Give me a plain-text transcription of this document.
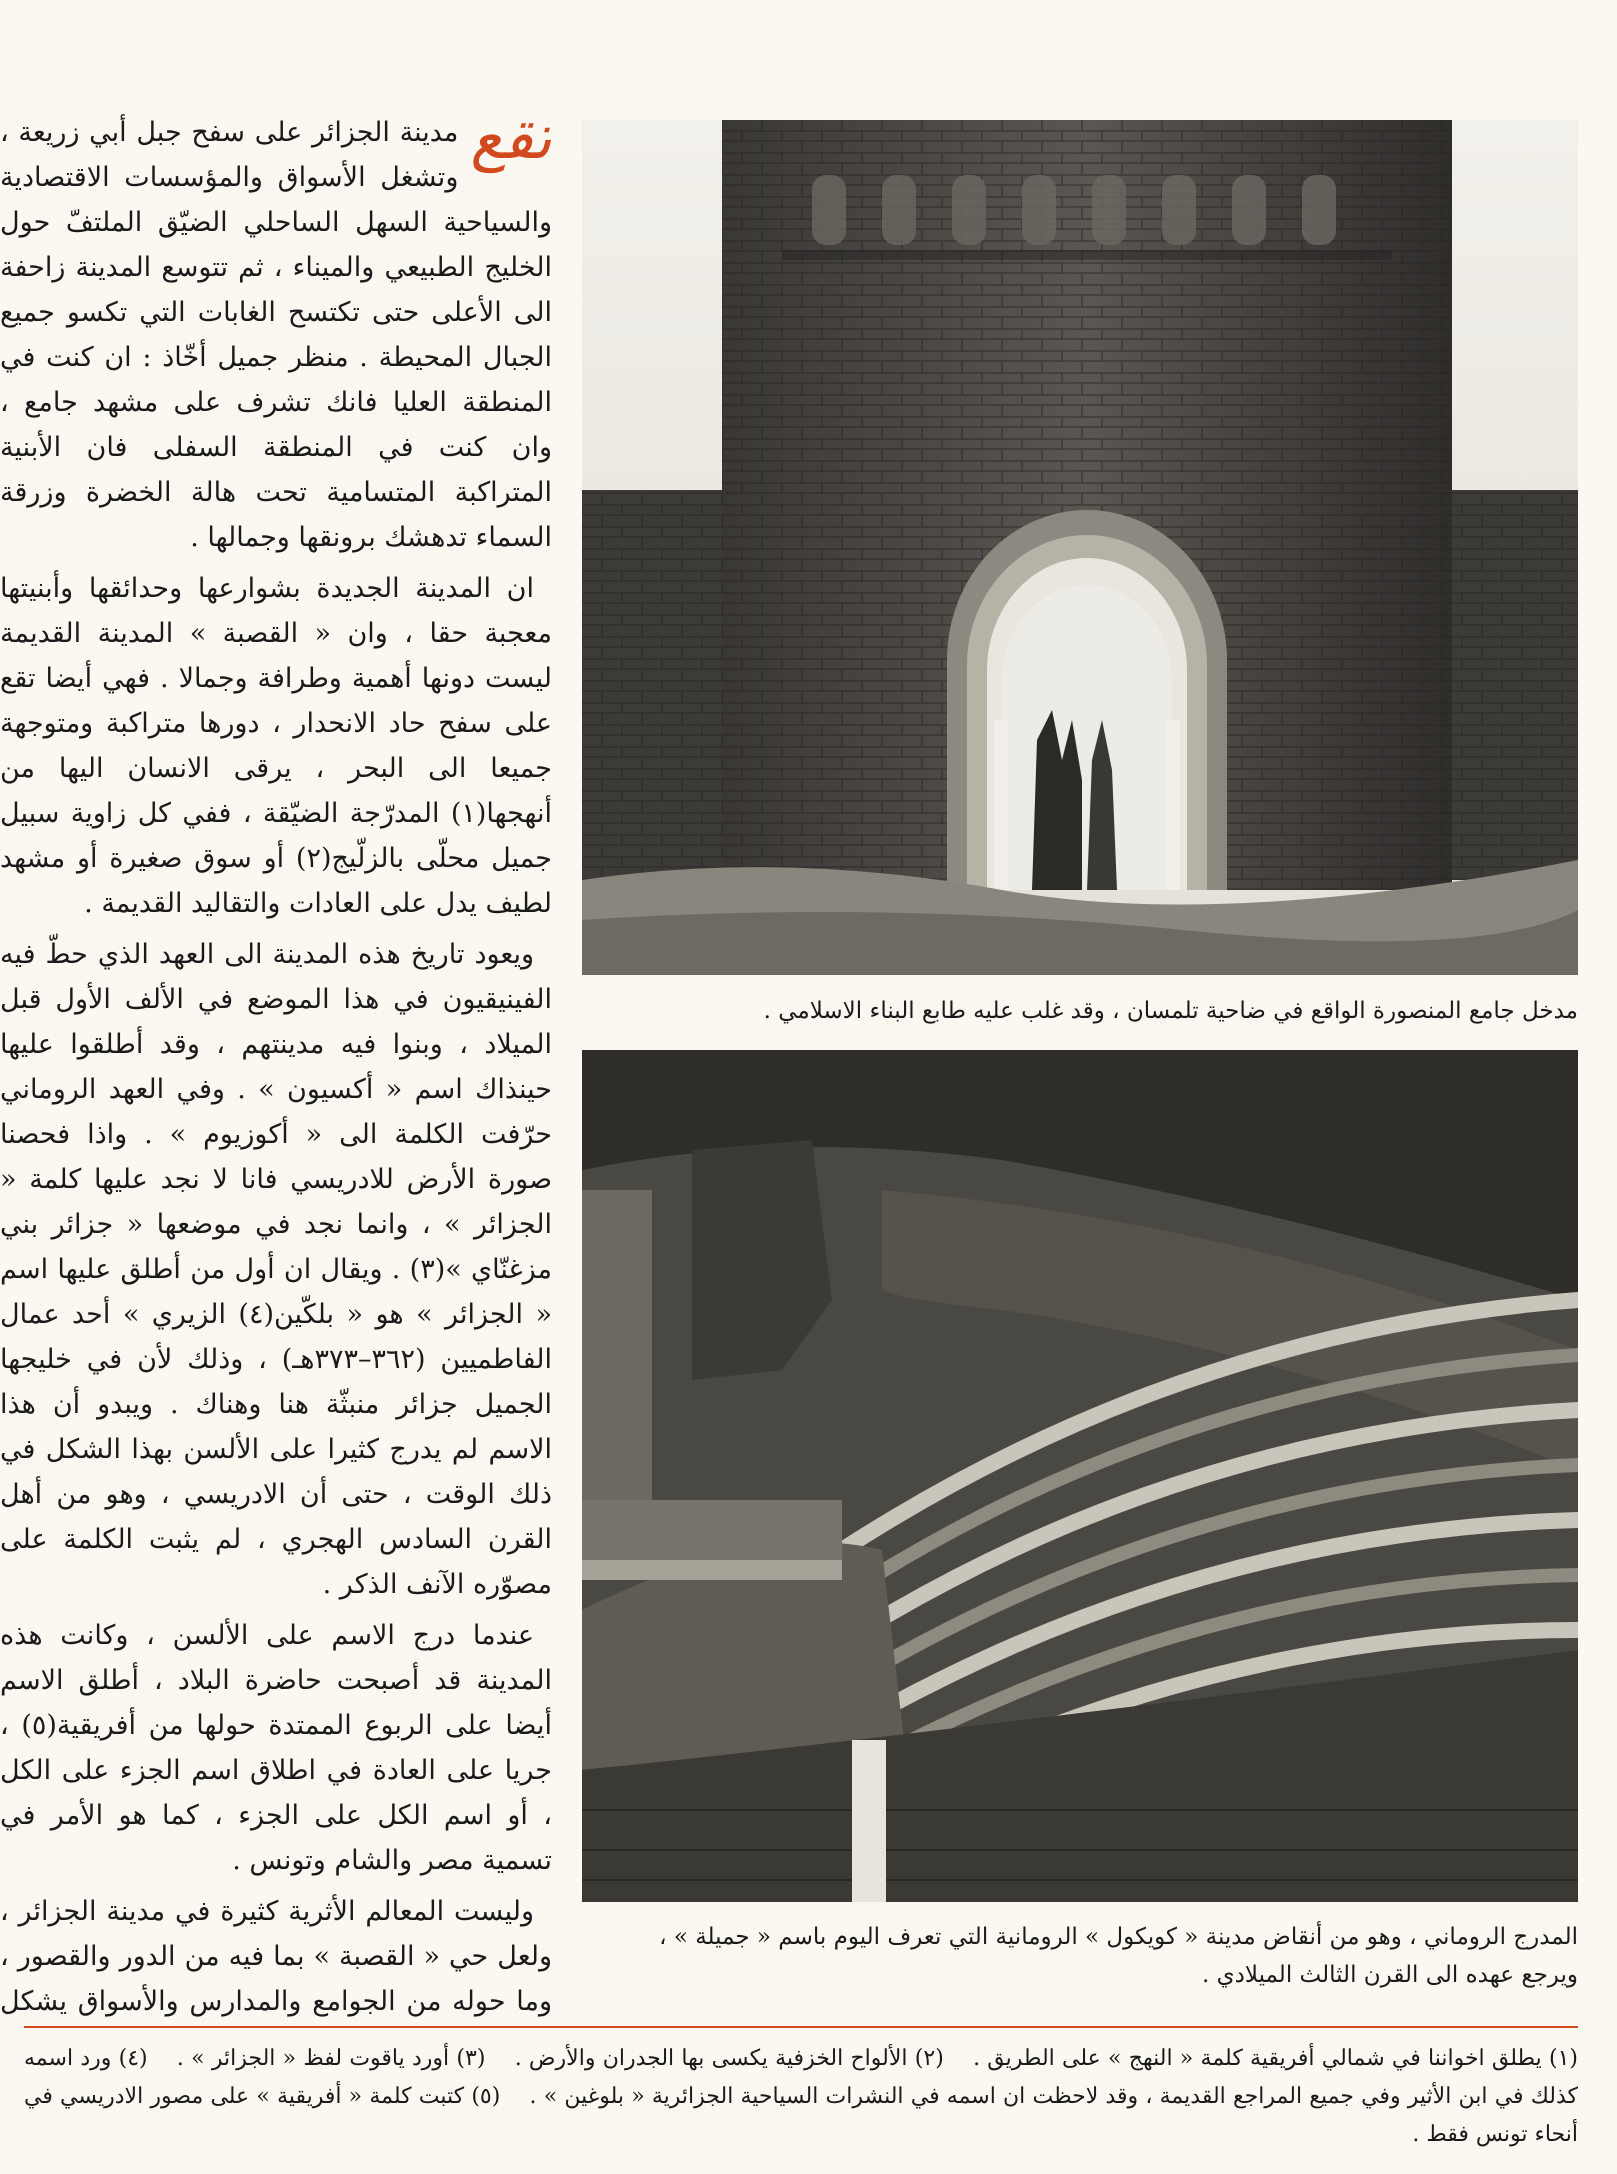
تقع
مدينة الجزائر على سفح جبل أبي زريعة ، وتشغل الأسواق والمؤسسات الاقتصادية والسياحية السهل الساحلي الضيّق الملتفّ حول الخليج الطبيعي والميناء ، ثم تتوسع المدينة زاحفة الى الأعلى حتى تكتسح الغابات التي تكسو جميع الجبال المحيطة . منظر جميل أخّاذ : ان كنت في المنطقة العليا فانك تشرف على مشهد جامع ، وان كنت في المنطقة السفلى فان الأبنية المتراكبة المتسامية تحت هالة الخضرة وزرقة السماء تدهشك برونقها وجمالها .

ان المدينة الجديدة بشوارعها وحدائقها وأبنيتها معجبة حقا ، وان « القصبة » المدينة القديمة ليست دونها أهمية وطرافة وجمالا . فهي أيضا تقع على سفح حاد الانحدار ، دورها متراكبة ومتوجهة جميعا الى البحر ، يرقى الانسان اليها من أنهجها(١) المدرّجة الضيّقة ، ففي كل زاوية سبيل جميل محلّى بالزلّيج(٢) أو سوق صغيرة أو مشهد لطيف يدل على العادات والتقاليد القديمة .

ويعود تاريخ هذه المدينة الى العهد الذي حطّ فيه الفينيقيون في هذا الموضع في الألف الأول قبل الميلاد ، وبنوا فيه مدينتهم ، وقد أطلقوا عليها حينذاك اسم « أكسيون » . وفي العهد الروماني حرّفت الكلمة الى « أكوزيوم » . واذا فحصنا صورة الأرض للادريسي فانا لا نجد عليها كلمة « الجزائر » ، وانما نجد في موضعها « جزائر بني مزغنّاي »(٣) . ويقال ان أول من أطلق عليها اسم « الجزائر » هو « بلكّين(٤) الزيري » أحد عمال الفاطميين (٣٦٢–٣٧٣هـ) ، وذلك لأن في خليجها الجميل جزائر منبثّة هنا وهناك . ويبدو أن هذا الاسم لم يدرج كثيرا على الألسن بهذا الشكل في ذلك الوقت ، حتى أن الادريسي ، وهو من أهل القرن السادس الهجري ، لم يثبت الكلمة على مصوّره الآنف الذكر .

عندما درج الاسم على الألسن ، وكانت هذه المدينة قد أصبحت حاضرة البلاد ، أطلق الاسم أيضا على الربوع الممتدة حولها من أفريقية(٥) ، جريا على العادة في اطلاق اسم الجزء على الكل ، أو اسم الكل على الجزء ، كما هو الأمر في تسمية مصر والشام وتونس .

وليست المعالم الأثرية كثيرة في مدينة الجزائر ، ولعل حي « القصبة » بما فيه من الدور والقصور ، وما حوله من الجوامع والمدارس والأسواق يشكل

مدخل جامع المنصورة الواقع في ضاحية تلمسان ، وقد غلب عليه طابع البناء الاسلامي .
المدرج الروماني ، وهو من أنقاض مدينة « كويكول » الرومانية التي تعرف اليوم باسم « جميلة » ، ويرجع عهده الى القرن الثالث الميلادي .
(١) يطلق اخواننا في شمالي أفريقية كلمة « النهج » على الطريق . (٢) الألواح الخزفية يكسى بها الجدران والأرض . (٣) أورد ياقوت لفظ « الجزائر » . (٤) ورد اسمه كذلك في ابن الأثير وفي جميع المراجع القديمة ، وقد لاحظت ان اسمه في النشرات السياحية الجزائرية « بلوغين » . (٥) كتبت كلمة « أفريقية » على مصور الادريسي في أنحاء تونس فقط .
